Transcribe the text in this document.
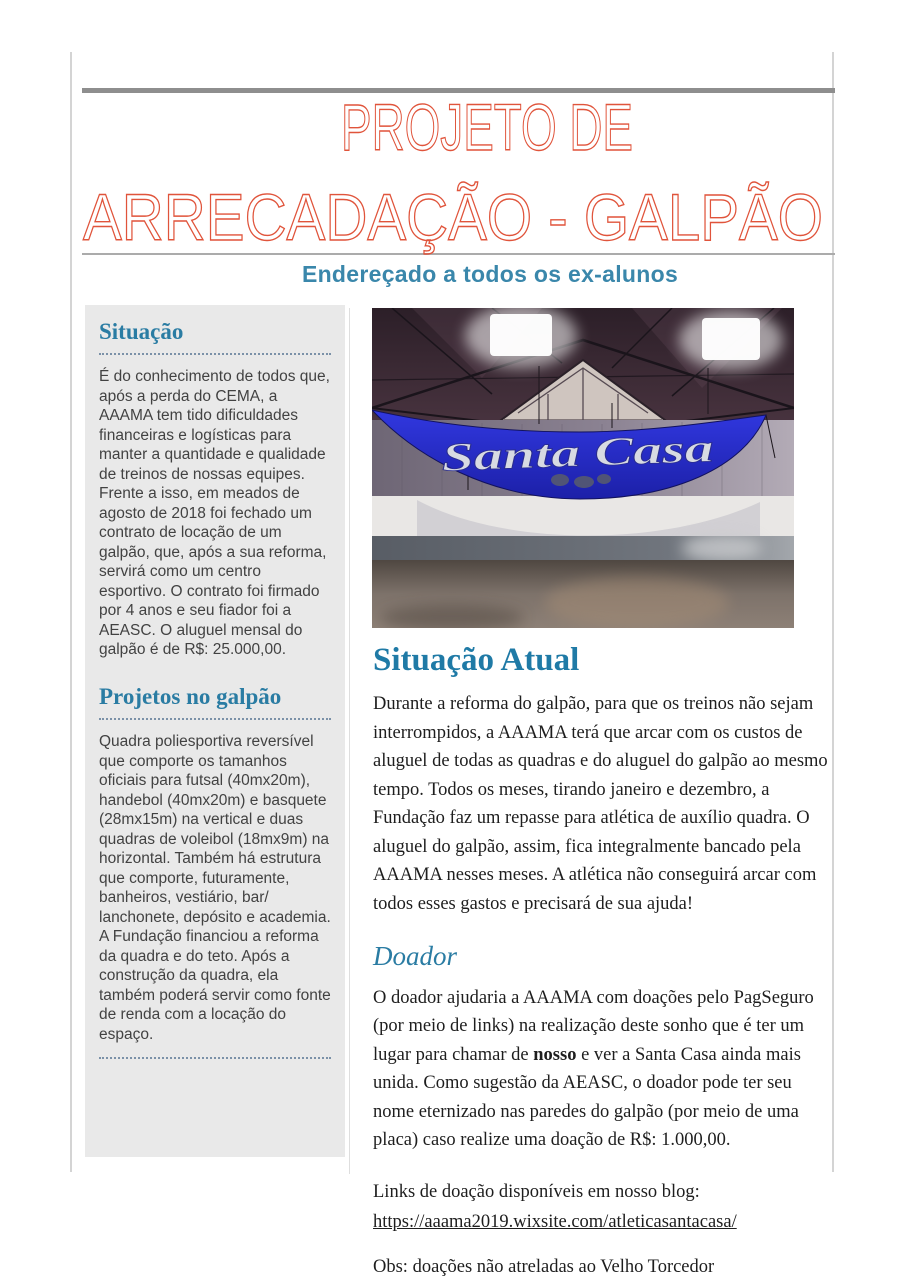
PROJETO DE
ARRECADAÇÃO - GALPÃO
Endereçado a todos os ex-alunos
Situação

É do conhecimento de todos que, após a perda do CEMA, a AAAMA tem tido dificuldades financeiras e logísticas para manter a quantidade e qualidade de treinos de nossas equipes. Frente a isso, em meados de agosto de 2018 foi fechado um contrato de locação de um galpão, que, após a sua reforma, servirá como um centro esportivo. O contrato foi firmado por 4 anos e seu fiador foi a AEASC. O aluguel mensal do galpão é de R$: 25.000,00.

Projetos no galpão

Quadra poliesportiva reversível que comporte os tamanhos oficiais para futsal (40mx20m), handebol (40mx20m) e basquete (28mx15m) na vertical e duas quadras de voleibol (18mx9m) na horizontal. Também há estrutura que comporte, futuramente, banheiros, vestiário, bar/ lanchonete, depósito e academia. A Fundação financiou a reforma da quadra e do teto. Após a construção da quadra, ela também poderá servir como fonte de renda com a locação do espaço.

Santa Casa
Situação Atual

Durante a reforma do galpão, para que os treinos não sejam interrompidos, a AAAMA terá que arcar com os custos de aluguel de todas as quadras e do aluguel do galpão ao mesmo tempo. Todos os meses, tirando janeiro e dezembro, a Fundação faz um repasse para atlética de auxílio quadra. O aluguel do galpão, assim, fica integralmente bancado pela AAAMA nesses meses. A atlética não conseguirá arcar com todos esses gastos e precisará de sua ajuda!

Doador

O doador ajudaria a AAAMA com doações pelo PagSeguro (por meio de links) na realização deste sonho que é ter um lugar para chamar de nosso e ver a Santa Casa ainda mais unida. Como sugestão da AEASC, o doador pode ter seu nome eternizado nas paredes do galpão (por meio de uma placa) caso realize uma doação de R$: 1.000,00.

Links de doação disponíveis em nosso blog:
https://aaama2019.wixsite.com/atleticasantacasa/

Obs: doações não atreladas ao Velho Torcedor
